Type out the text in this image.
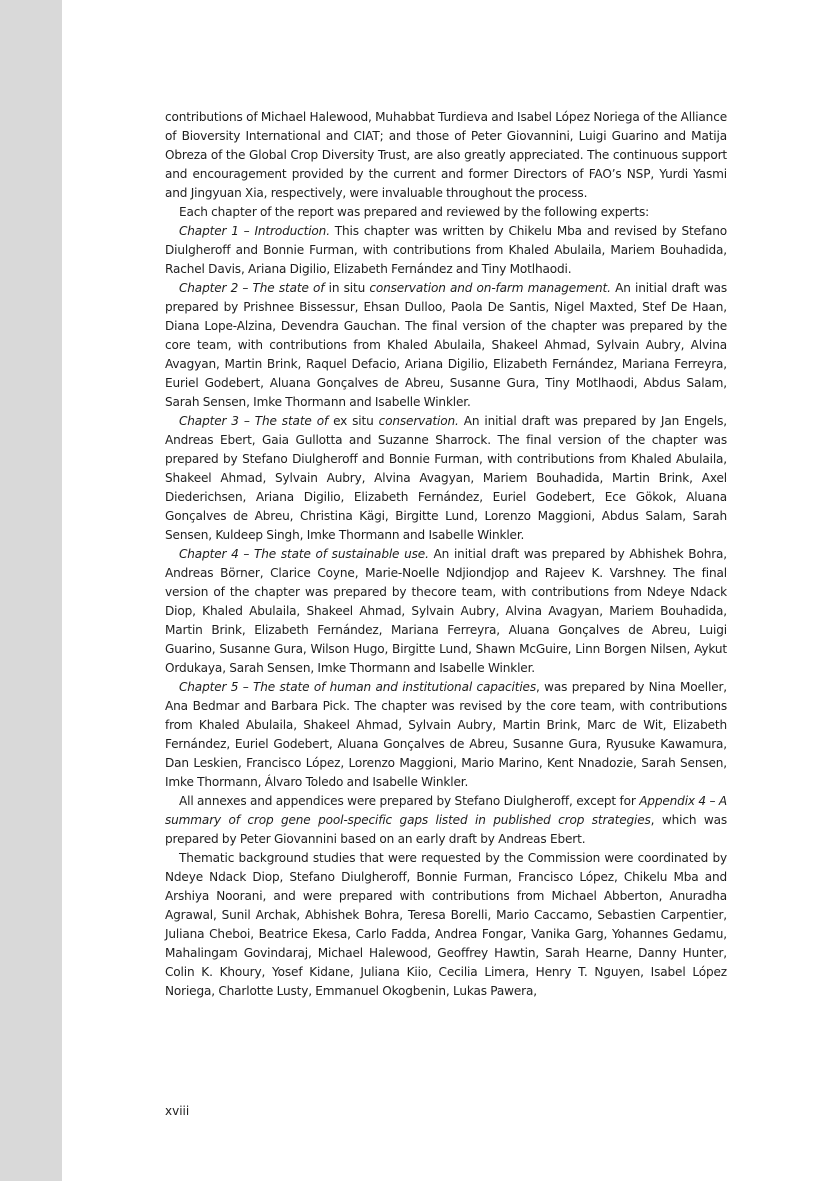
contributions of Michael Halewood, Muhabbat Turdieva and Isabel López Noriega of the Alliance of Bioversity International and CIAT; and those of Peter Giovannini, Luigi Guarino and Matija Obreza of the Global Crop Diversity Trust, are also greatly appreciated. The continuous support and encouragement provided by the current and former Directors of FAO’s NSP, Yurdi Yasmi and Jingyuan Xia, respectively, were invaluable throughout the process.

Each chapter of the report was prepared and reviewed by the following experts:

Chapter 1 – Introduction. This chapter was written by Chikelu Mba and revised by Stefano Diulgheroff and Bonnie Furman, with contributions from Khaled Abulaila, Mariem Bouhadida, Rachel Davis, Ariana Digilio, Elizabeth Fernández and Tiny Motlhaodi.

Chapter 2 – The state of in situ conservation and on-farm management. An initial draft was prepared by Prishnee Bissessur, Ehsan Dulloo, Paola De Santis, Nigel Maxted, Stef De Haan, Diana Lope-Alzina, Devendra Gauchan. The final version of the chapter was prepared by the core team, with contributions from Khaled Abulaila, Shakeel Ahmad, Sylvain Aubry, Alvina Avagyan, Martin Brink, Raquel Defacio, Ariana Digilio, Elizabeth Fernández, Mariana Ferreyra, Euriel Godebert, Aluana Gonçalves de Abreu, Susanne Gura, Tiny Motlhaodi, Abdus Salam, Sarah Sensen, Imke Thormann and Isabelle Winkler.

Chapter 3 – The state of ex situ conservation. An initial draft was prepared by Jan Engels, Andreas Ebert, Gaia Gullotta and Suzanne Sharrock. The final version of the chapter was prepared by Stefano Diulgheroff and Bonnie Furman, with contributions from Khaled Abulaila, Shakeel Ahmad, Sylvain Aubry, Alvina Avagyan, Mariem Bouhadida, Martin Brink, Axel Diederichsen, Ariana Digilio, Elizabeth Fernández, Euriel Godebert, Ece Gökok, Aluana Gonçalves de Abreu, Christina Kägi, Birgitte Lund, Lorenzo Maggioni, Abdus Salam, Sarah Sensen, Kuldeep Singh, Imke Thormann and Isabelle Winkler.

Chapter 4 – The state of sustainable use. An initial draft was prepared by Abhishek Bohra, Andreas Börner, Clarice Coyne, Marie-Noelle Ndjiondjop and Rajeev K. Varshney. The final version of the chapter was prepared by thecore team, with contributions from Ndeye Ndack Diop, Khaled Abulaila, Shakeel Ahmad, Sylvain Aubry, Alvina Avagyan, Mariem Bouhadida, Martin Brink, Elizabeth Fernández, Mariana Ferreyra, Aluana Gonçalves de Abreu, Luigi Guarino, Susanne Gura, Wilson Hugo, Birgitte Lund, Shawn McGuire, Linn Borgen Nilsen, Aykut Ordukaya, Sarah Sensen, Imke Thormann and Isabelle Winkler.

Chapter 5 – The state of human and institutional capacities, was prepared by Nina Moeller, Ana Bedmar and Barbara Pick. The chapter was revised by the core team, with contributions from Khaled Abulaila, Shakeel Ahmad, Sylvain Aubry, Martin Brink, Marc de Wit, Elizabeth Fernández, Euriel Godebert, Aluana Gonçalves de Abreu, Susanne Gura, Ryusuke Kawamura, Dan Leskien, Francisco López, Lorenzo Maggioni, Mario Marino, Kent Nnadozie, Sarah Sensen, Imke Thormann, Álvaro Toledo and Isabelle Winkler.

All annexes and appendices were prepared by Stefano Diulgheroff, except for Appendix 4 – A summary of crop gene pool-specific gaps listed in published crop strategies, which was prepared by Peter Giovannini based on an early draft by Andreas Ebert.

Thematic background studies that were requested by the Commission were coordinated by Ndeye Ndack Diop, Stefano Diulgheroff, Bonnie Furman, Francisco López, Chikelu Mba and Arshiya Noorani, and were prepared with contributions from Michael Abberton, Anuradha Agrawal, Sunil Archak, Abhishek Bohra, Teresa Borelli, Mario Caccamo, Sebastien Carpentier, Juliana Cheboi, Beatrice Ekesa, Carlo Fadda, Andrea Fongar, Vanika Garg, Yohannes Gedamu, Mahalingam Govindaraj, Michael Halewood, Geoffrey Hawtin, Sarah Hearne, Danny Hunter, Colin K. Khoury, Yosef Kidane, Juliana Kiio, Cecilia Limera, Henry T. Nguyen, Isabel López Noriega, Charlotte Lusty, Emmanuel Okogbenin, Lukas Pawera,

xviii
